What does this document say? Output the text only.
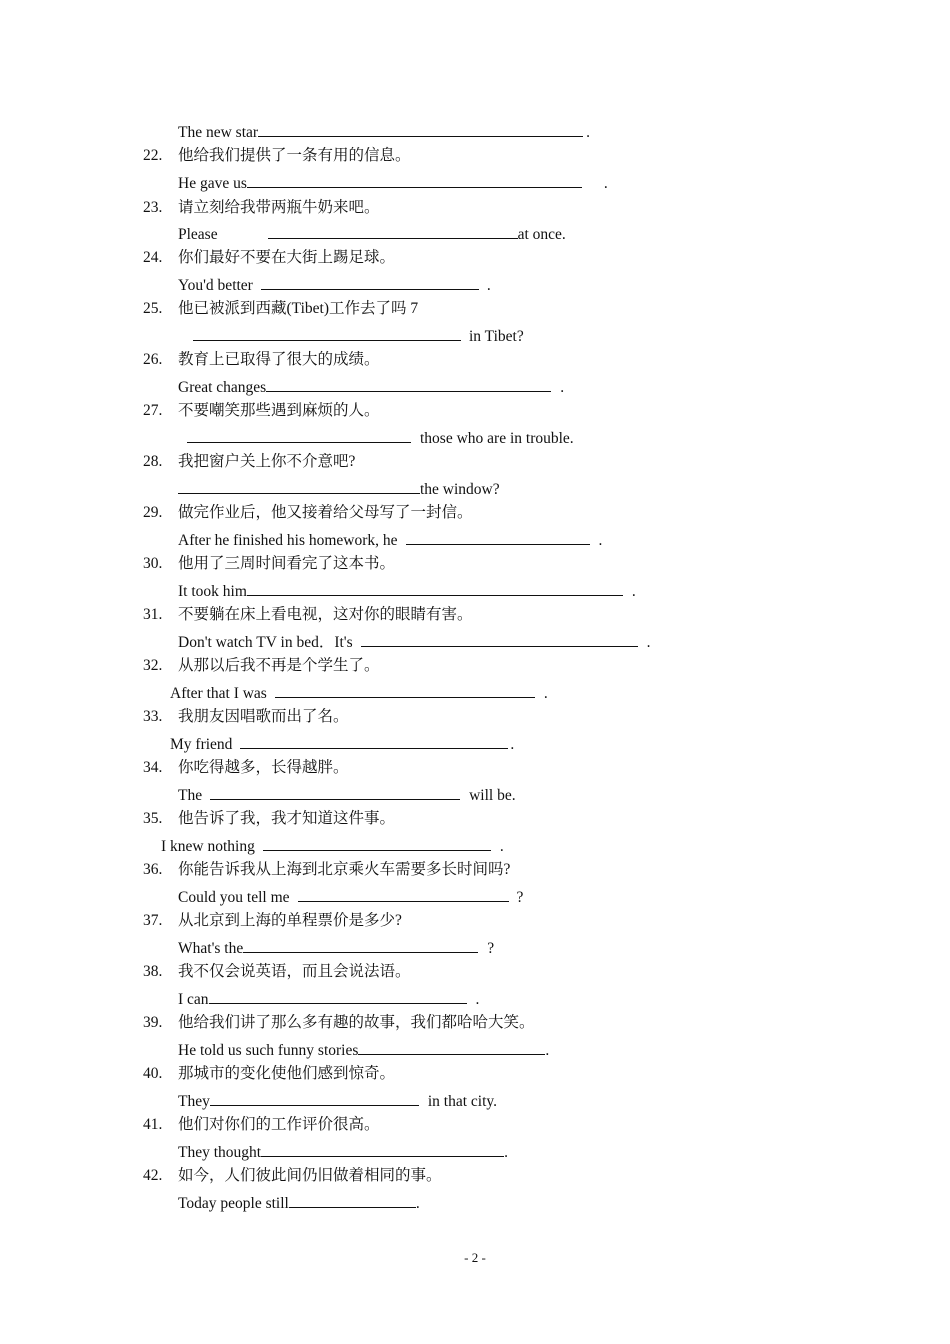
The new star	.
22. 他给我们提供了一条有用的信息。
He gave us	.
23. 请立刻给我带两瓶牛奶来吧。
Please	at once.
24. 你们最好不要在大街上踢足球。
You'd better	.
25. 他已被派到西藏(Tibet)工作去了吗 7
in Tibet?
26. 教育上已取得了很大的成绩。
Great changes	.
27. 不要嘲笑那些遇到麻烦的人。
those who are in trouble.
28. 我把窗户关上你不介意吧?
the window?
29. 做完作业后，他又接着给父母写了一封信。
After he finished his homework, he	.
30. 他用了三周时间看完了这本书。
It took him	.
31. 不要躺在床上看电视，这对你的眼睛有害。
Don't watch TV in bed．It's	.
32. 从那以后我不再是个学生了。
After that I was	.
33. 我朋友因唱歌而出了名。
My friend	.
34. 你吃得越多，长得越胖。
The	will be.
35. 他告诉了我，我才知道这件事。
I knew nothing	.
36. 你能告诉我从上海到北京乘火车需要多长时间吗?
Could you tell me	?
37. 从北京到上海的单程票价是多少?
What's the	?
38. 我不仅会说英语，而且会说法语。
I can	.
39. 他给我们讲了那么多有趣的故事，我们都哈哈大笑。
He told us such funny stories	.
40. 那城市的变化使他们感到惊奇。
They	in that city.
41. 他们对你们的工作评价很高。
They thought	.
42. 如今，人们彼此间仍旧做着相同的事。
Today people still	.
- 2 -
